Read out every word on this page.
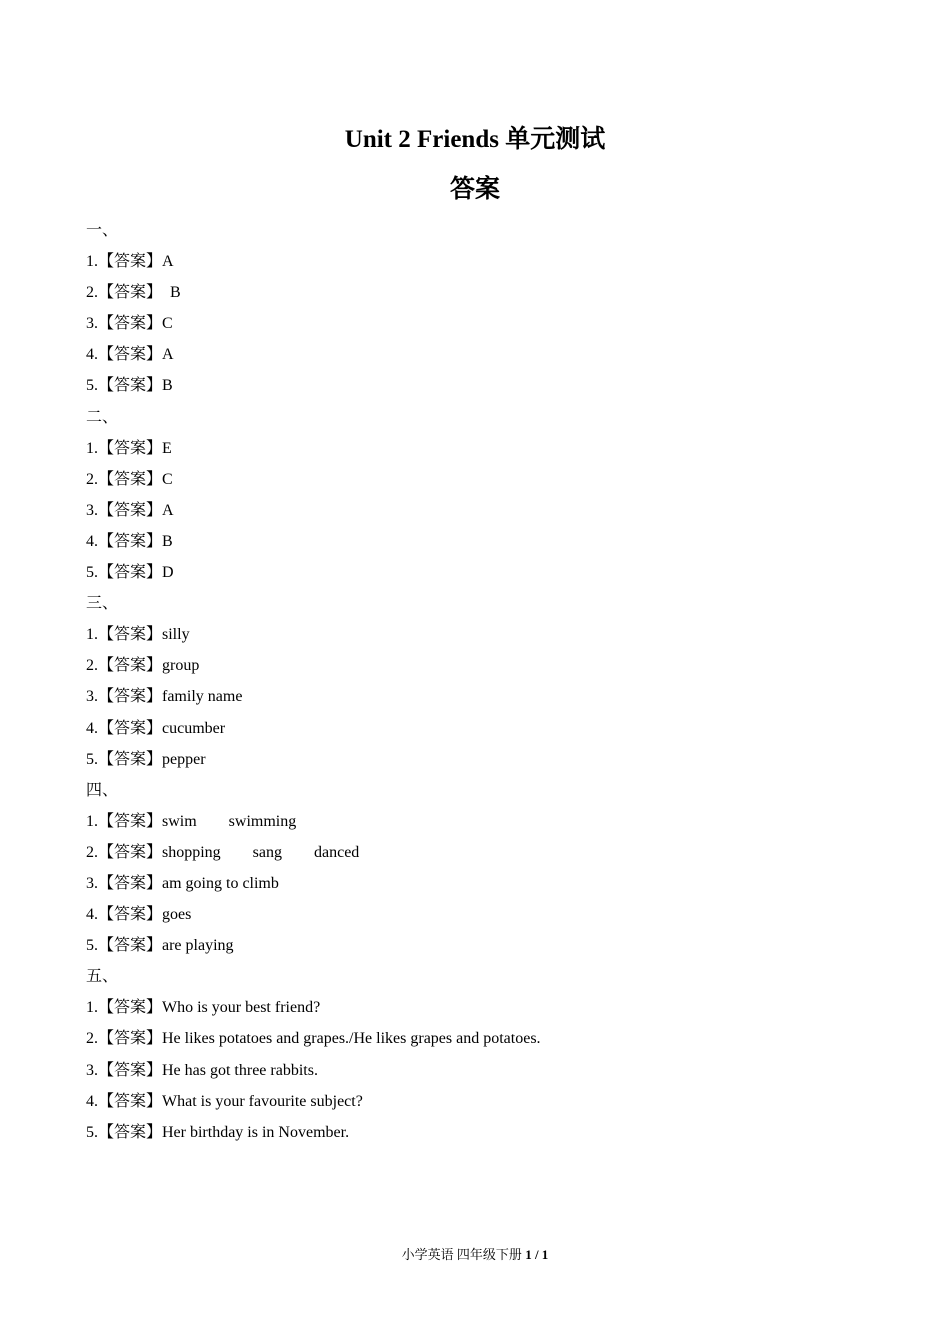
Unit 2 Friends 单元测试
答案
一、
1.【答案】A
2.【答案】  B
3.【答案】C
4.【答案】A
5.【答案】B
二、
1.【答案】E
2.【答案】C
3.【答案】A
4.【答案】B
5.【答案】D
三、
1.【答案】silly
2.【答案】group
3.【答案】family name
4.【答案】cucumber
5.【答案】pepper
四、
1.【答案】swim        swimming
2.【答案】shopping        sang        danced
3.【答案】am going to climb
4.【答案】goes
5.【答案】are playing
五、
1.【答案】Who is your best friend?
2.【答案】He likes potatoes and grapes./He likes grapes and potatoes.
3.【答案】He has got three rabbits.
4.【答案】What is your favourite subject?
5.【答案】Her birthday is in November.
小学英语 四年级下册 1 / 1
